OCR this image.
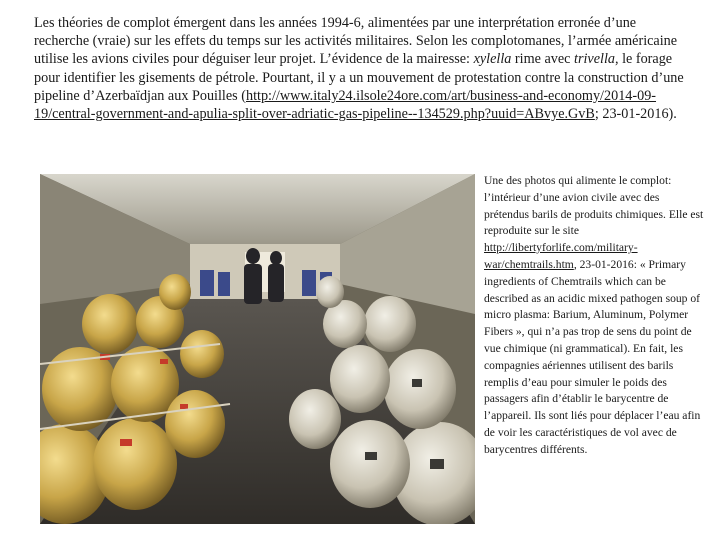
Les théories de complot émergent dans les années 1994-6, alimentées par une interprétation erronée d’une recherche (vraie) sur les effets du temps sur les activités militaires. Selon les complotomanes, l’armée américaine utilise les avions civiles pour déguiser leur projet. L’évidence de la mairesse: xylella rime avec trivella, le forage pour identifier les gisements de pétrole. Pourtant, il y a un mouvement de protestation contre la construction d’une pipeline d’Azerbaïdjan aux Pouilles (http://www.italy24.ilsole24ore.com/art/business-and-economy/2014-09-19/central-government-and-apulia-split-over-adriatic-gas-pipeline--134529.php?uuid=ABvye.GvB; 23-01-2016).

Une des photos qui alimente le complot: l’intérieur d’une avion civile avec des prétendus barils de produits chimiques. Elle est reproduite sur le site http://libertyforlife.com/military-war/chemtrails.htm, 23-01-2016: « Primary ingredients of Chemtrails which can be described as an acidic mixed pathogen soup of micro plasma: Barium, Aluminum, Polymer Fibers », qui n’a pas trop de sens du point de vue chimique (ni grammatical). En fait, les compagnies aériennes utilisent des barils remplis d’eau pour simuler le poids des passagers afin d’établir le barycentre de l’appareil. Ils sont liés pour déplacer l’eau afin de voir les caractéristiques de vol avec de barycentres différents.
